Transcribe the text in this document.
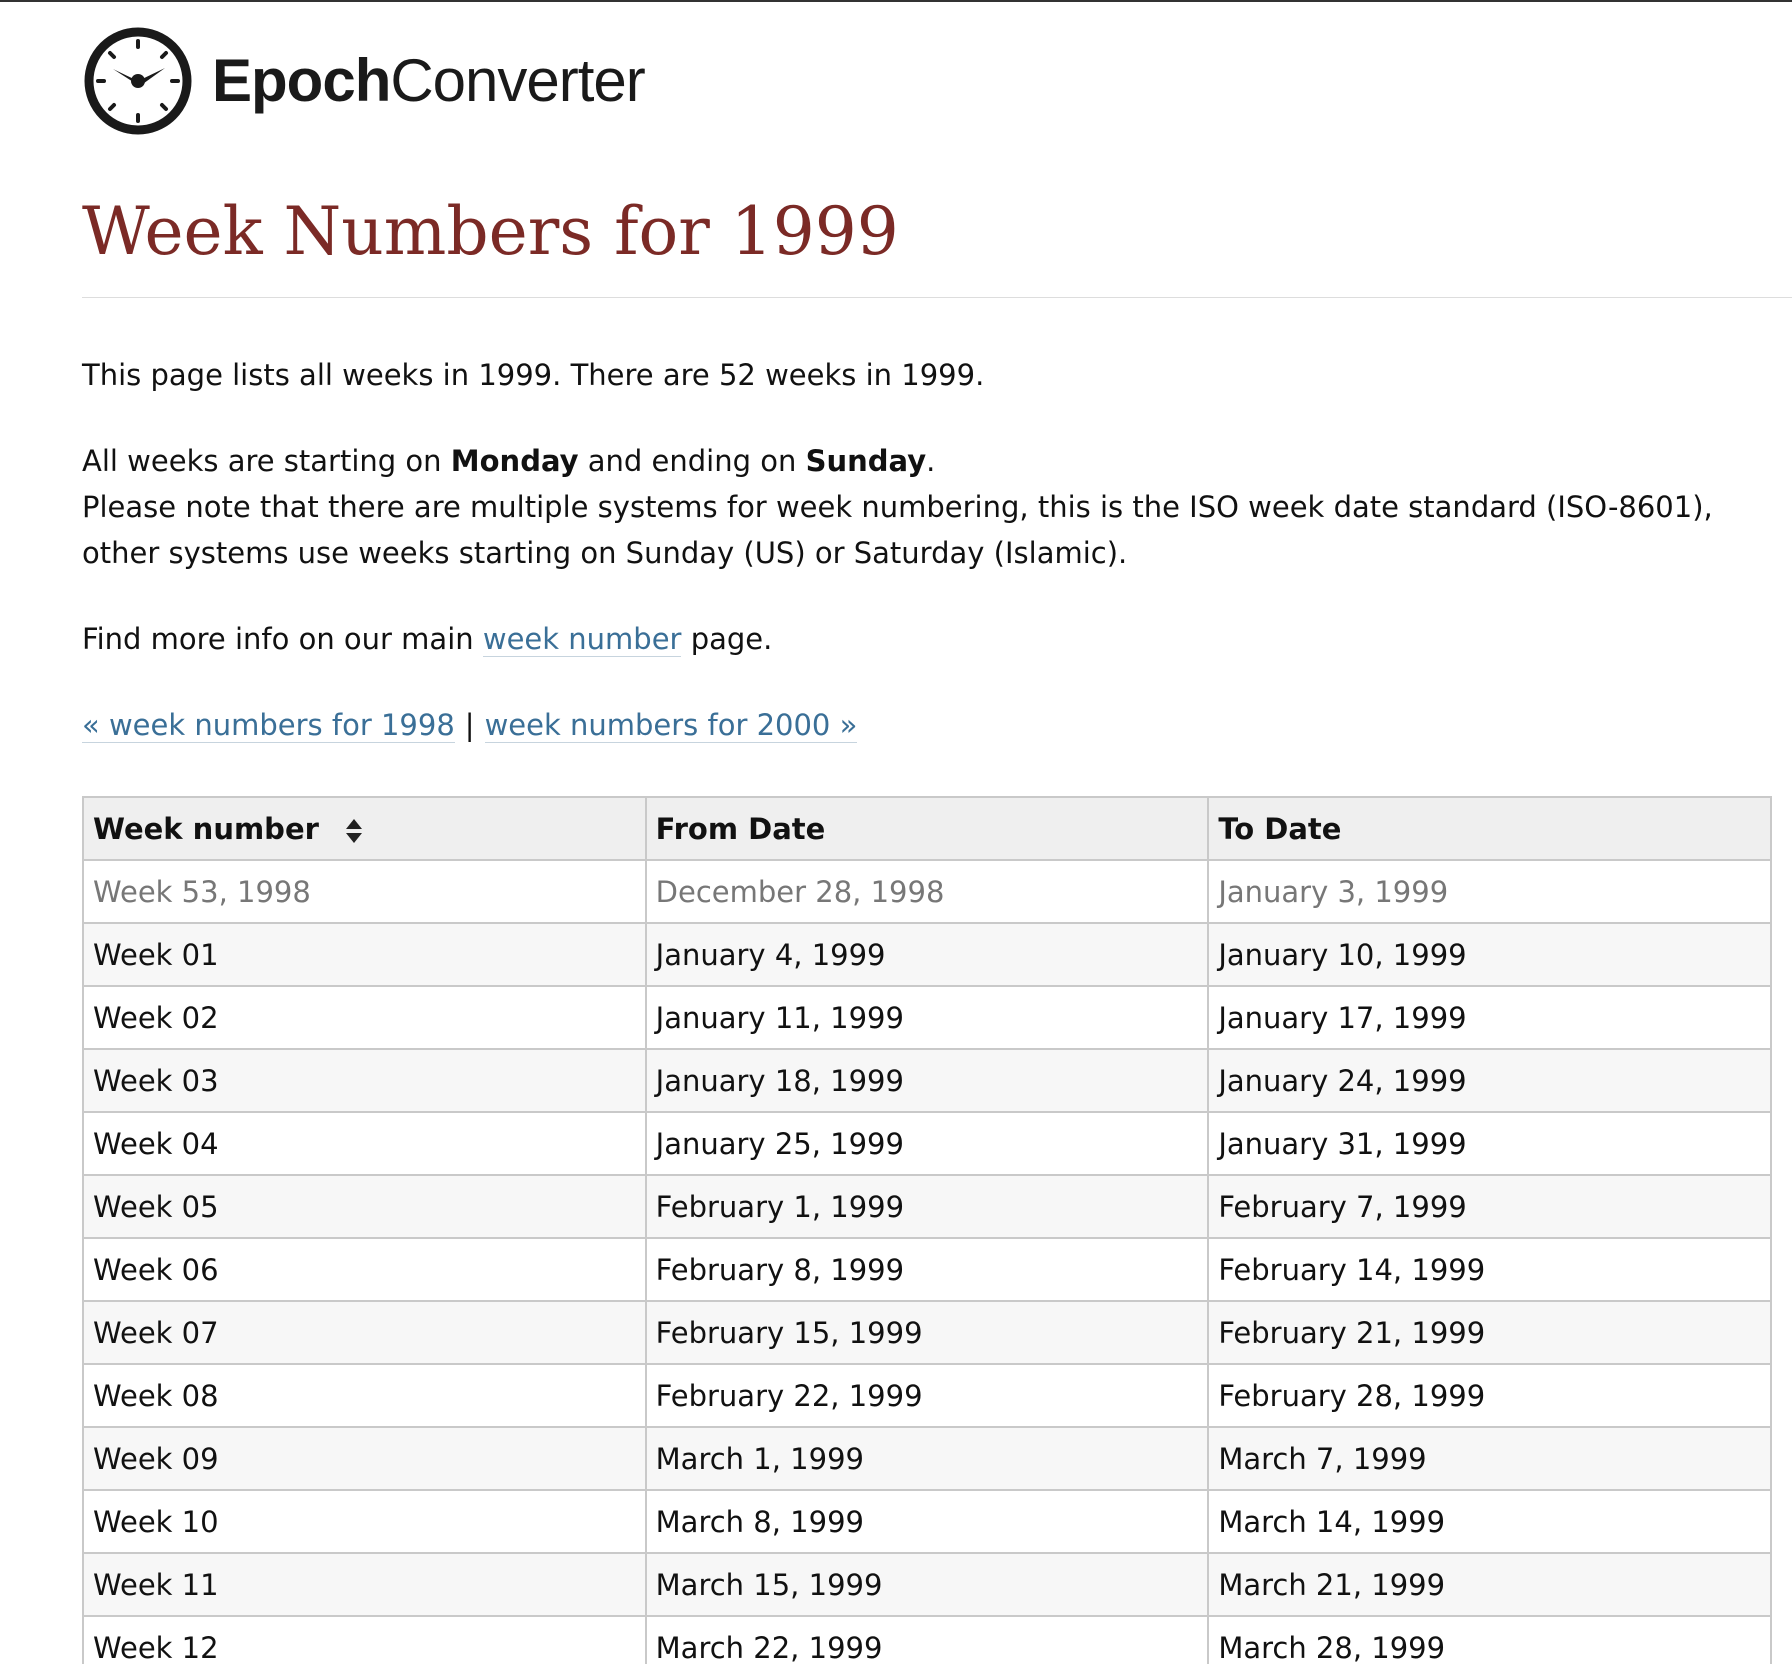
EpochConverter
Week Numbers for 1999

This page lists all weeks in 1999. There are 52 weeks in 1999.

All weeks are starting on Monday and ending on Sunday.
Please note that there are multiple systems for week numbering, this is the ISO week date standard (ISO-8601), other systems use weeks starting on Sunday (US) or Saturday (Islamic).

Find more info on our main week number page.

« week numbers for 1998 | week numbers for 2000 »

Week number	From Date	To Date
Week 53, 1998	December 28, 1998	January 3, 1999
Week 01	January 4, 1999	January 10, 1999
Week 02	January 11, 1999	January 17, 1999
Week 03	January 18, 1999	January 24, 1999
Week 04	January 25, 1999	January 31, 1999
Week 05	February 1, 1999	February 7, 1999
Week 06	February 8, 1999	February 14, 1999
Week 07	February 15, 1999	February 21, 1999
Week 08	February 22, 1999	February 28, 1999
Week 09	March 1, 1999	March 7, 1999
Week 10	March 8, 1999	March 14, 1999
Week 11	March 15, 1999	March 21, 1999
Week 12	March 22, 1999	March 28, 1999
